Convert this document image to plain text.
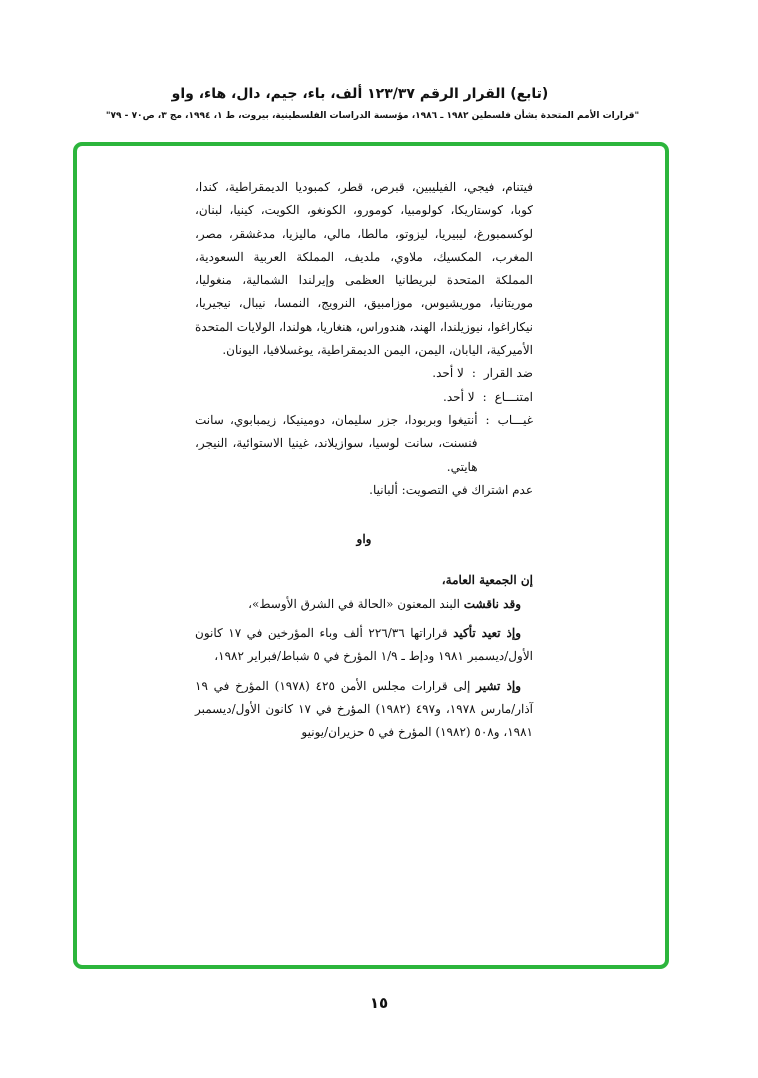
(تابع) القرار الرقم ١٢٣/٣٧ ألف، باء، جيم، دال، هاء، واو
"قرارات الأمم المتحدة بشأن فلسطين ١٩٨٢ ـ ١٩٨٦، مؤسسة الدراسات الفلسطينية، بيروت، ط ١، ١٩٩٤، مج ٣، ص٧٠ - ٧٩"

فيتنام، فيجي، الفيليبين، قبرص، قطر، كمبوديا الديمقراطية، كندا، كوبا، كوستاريكا، كولومبيا، كومورو، الكونغو، الكويت، كينيا، لبنان، لوكسمبورغ، ليبيريا، ليزوتو، مالطا، مالي، ماليزيا، مدغشقر، مصر، المغرب، المكسيك، ملاوي، ملديف، المملكة العربية السعودية، المملكة المتحدة لبريطانيا العظمى وإيرلندا الشمالية، منغوليا، موريتانيا، موريشيوس، موزامبيق، النرويج، النمسا، نيبال، نيجيريا، نيكاراغوا، نيوزيلندا، الهند، هندوراس، هنغاريا، هولندا، الولايات المتحدة الأميركية، اليابان، اليمن، اليمن الديمقراطية، يوغسلافيا، اليونان.

ضد القرار
:
لا أحد.
امتنـــاع
:
لا أحد.
غيـــاب
:
أنتيغوا وبربودا، جزر سليمان، دومينيكا، زيمبابوي، سانت فنسنت، سانت لوسيا، سوازيلاند، غينيا الاستوائية، النيجر، هايتي.

عدم اشتراك في التصويت: ألبانيا.

واو

إن الجمعية العامة،

وقد ناقشت البند المعنون «الحالة في الشرق الأوسط»،

وإذ تعيد تأكيد قراراتها ٢٢٦/٣٦ ألف وباء المؤرخين في ١٧ كانون الأول/ديسمبر ١٩٨١ ودإط ـ ١/٩ المؤرخ في ٥ شباط/فبراير ١٩٨٢،

وإذ تشير إلى قرارات مجلس الأمن ٤٢٥ (١٩٧٨) المؤرخ في ١٩ آذار/مارس ١٩٧٨، و٤٩٧ (١٩٨٢) المؤرخ في ١٧ كانون الأول/ديسمبر ١٩٨١، و٥٠٨ (١٩٨٢) المؤرخ في ٥ حزيران/يونيو

١٥
